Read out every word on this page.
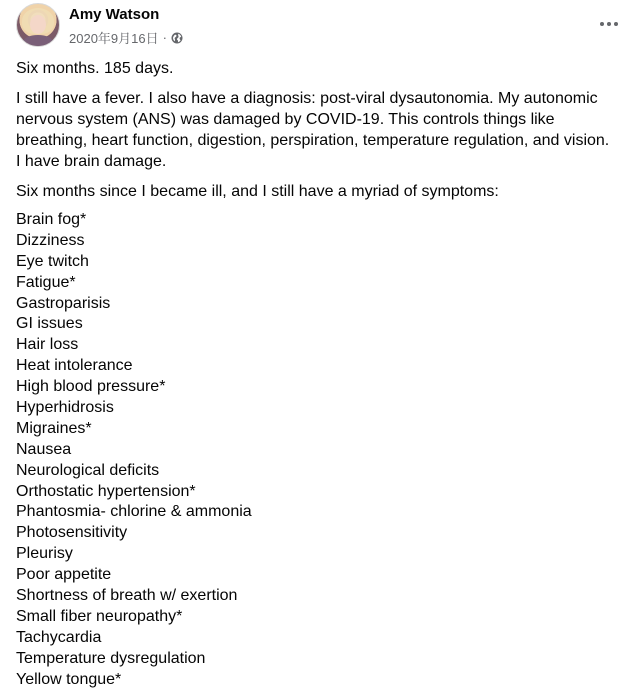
Amy Watson
2020年9月16日 ·

Six months. 185 days.

I still have a fever. I also have a diagnosis: post-viral dysautonomia. My autonomic nervous system (ANS) was damaged by COVID-19. This controls things like breathing, heart function, digestion, perspiration, temperature regulation, and vision. I have brain damage.

Six months since I became ill, and I still have a myriad of symptoms:

Brain fog*
Dizziness
Eye twitch
Fatigue*
Gastroparisis
GI issues
Hair loss
Heat intolerance
High blood pressure*
Hyperhidrosis
Migraines*
Nausea
Neurological deficits
Orthostatic hypertension*
Phantosmia- chlorine & ammonia
Photosensitivity
Pleurisy
Poor appetite
Shortness of breath w/ exertion
Small fiber neuropathy*
Tachycardia
Temperature dysregulation
Yellow tongue*
